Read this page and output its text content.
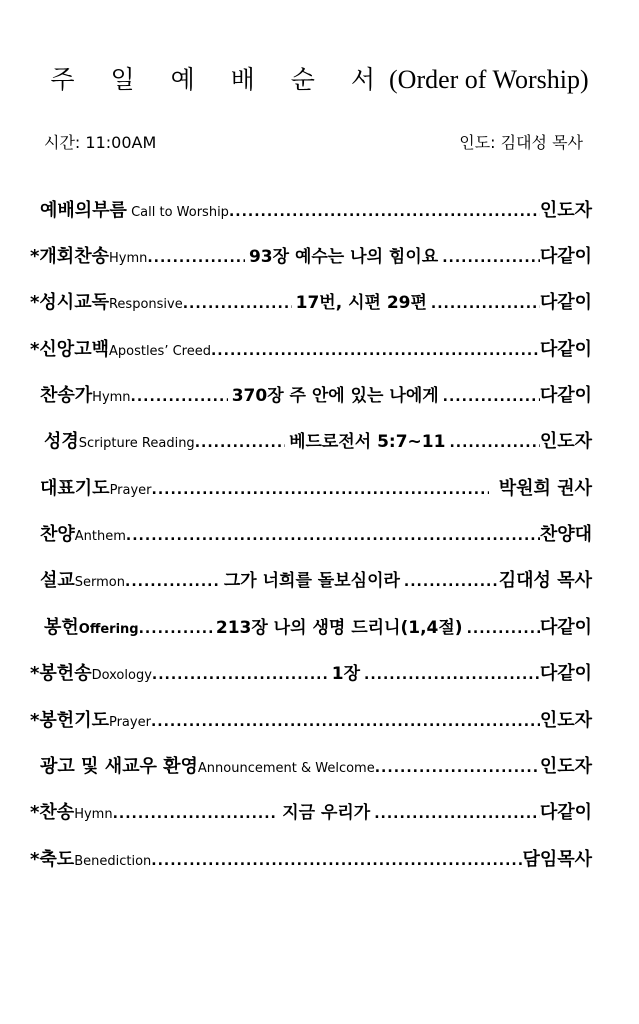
주 일 예 배 순 서(Order of Worship)
시간: 11:00AM	인도: 김대성 목사
예배의부름 Call to Worship .....	인도자
*개회찬송Hymn .....	93장 예수는 나의 힘이요 .....	다같이
*성시교독Responsive .....	17번, 시편 29편 .....	다같이
*신앙고백Apostles’ Creed .....	다같이
찬송가Hymn .....	370장 주 안에 있는 나에게 .....	다같이
성경Scripture Reading .....	베드로전서 5:7~11 .....	인도자
대표기도Prayer .....	박원희 권사
찬양Anthem .....	찬양대
설교Sermon .....	그가 너희를 돌보심이라 .....	김대성 목사
봉헌Offering .....	213장 나의 생명 드리니(1,4절) .....	다같이
*봉헌송Doxology .....	1장 .....	다같이
*봉헌기도Prayer .....	인도자
광고 및 새교우 환영Announcement & Welcome .....	인도자
*찬송Hymn .....	지금 우리가 .....	다같이
*축도Benediction .....	담임목사
